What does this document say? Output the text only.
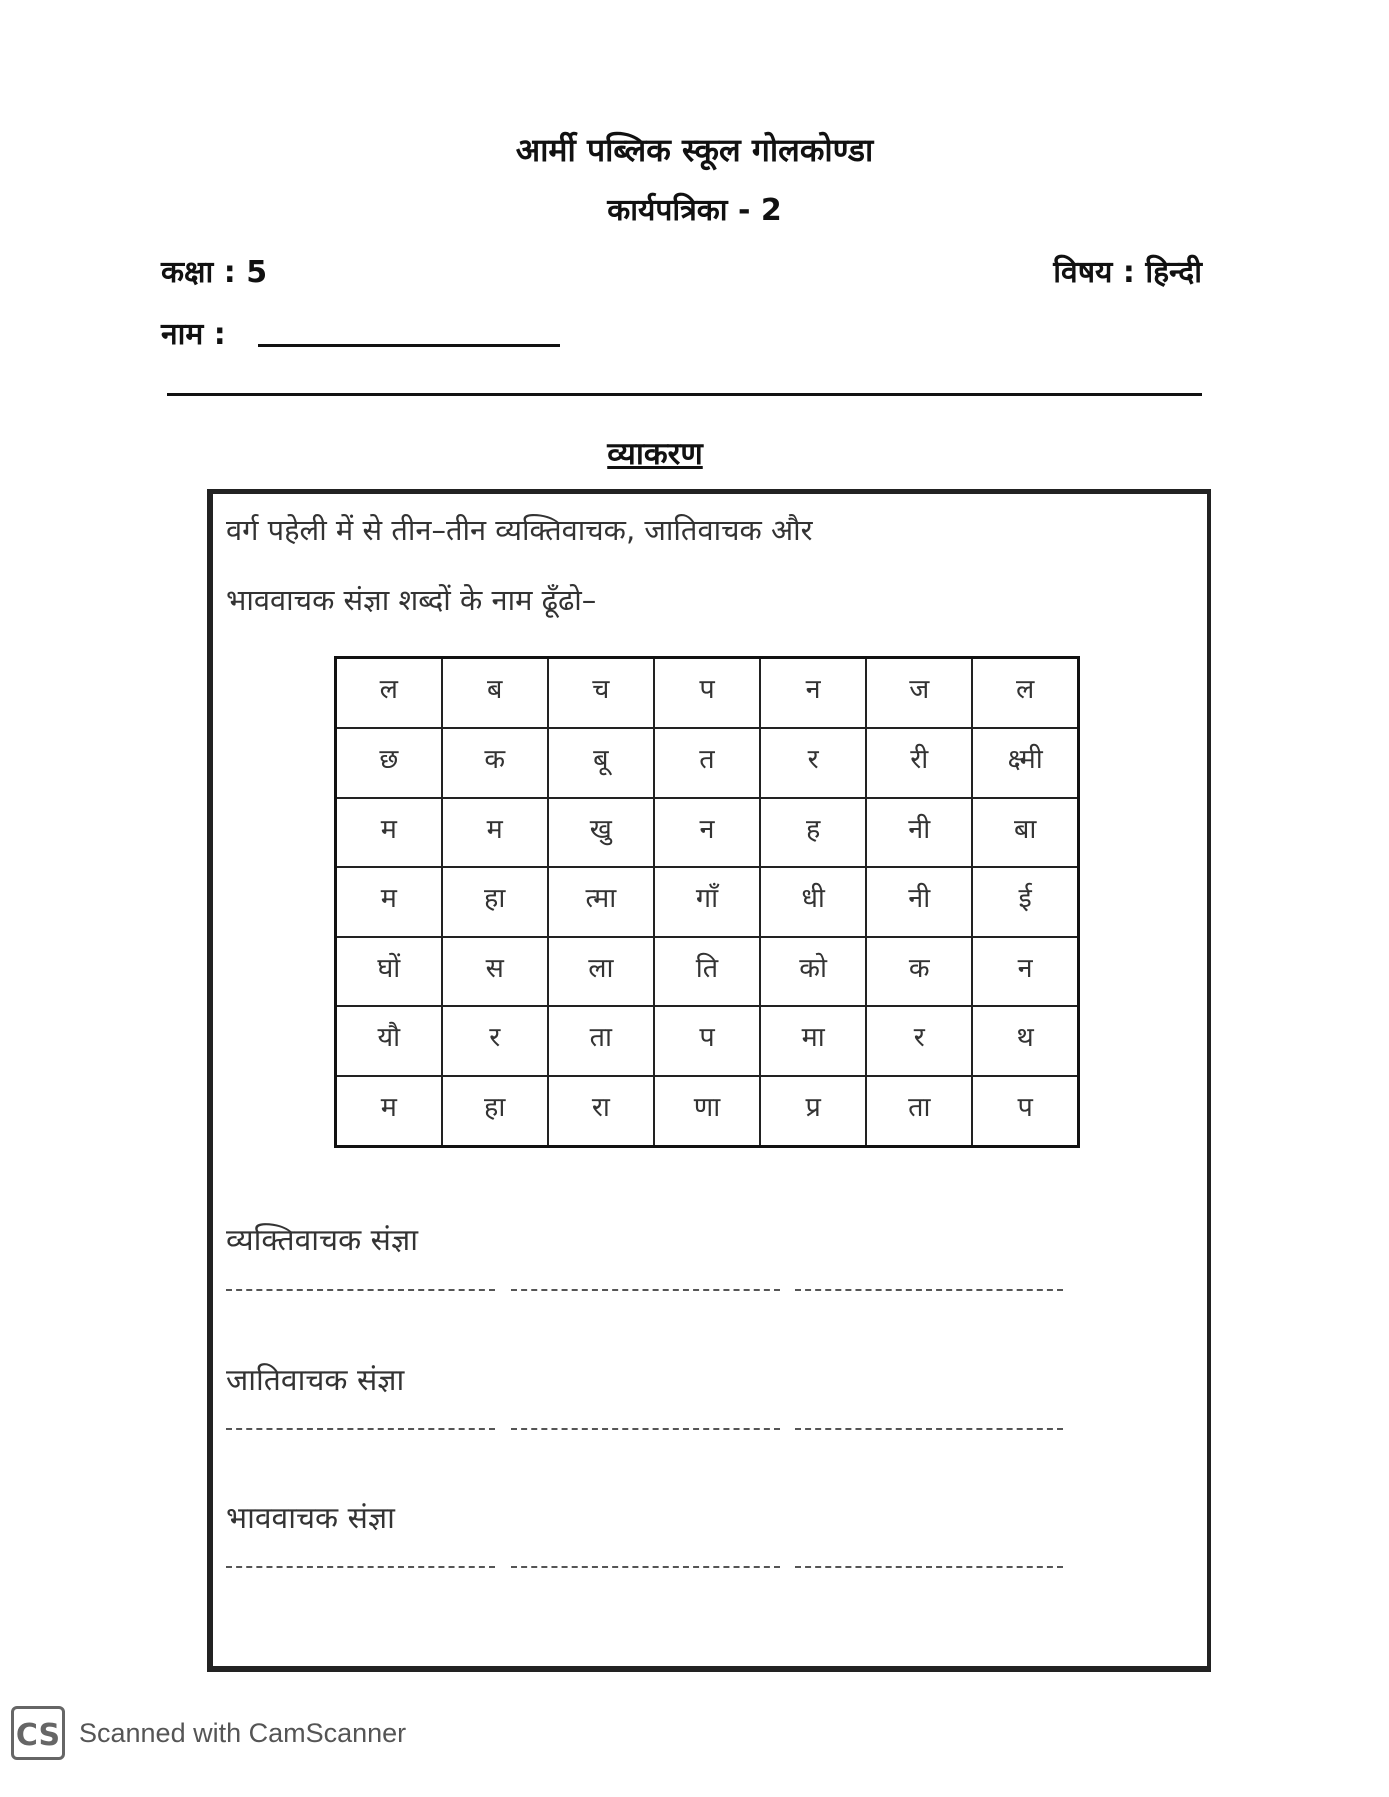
आर्मी पब्लिक स्कूल गोलकोण्डा
कार्यपत्रिका - 2
कक्षा : 5	विषय : हिन्दी
नाम :
व्याकरण
वर्ग पहेली में से तीन–तीन व्यक्तिवाचक, जातिवाचक और
भाववाचक संज्ञा शब्दों के नाम ढूँढो–
ल	ब	च	प	न	ज	ल
छ	क	बू	त	र	री	क्ष्मी
म	म	खु	न	ह	नी	बा
म	हा	त्मा	गाँ	धी	नी	ई
घों	स	ला	ति	को	क	न
यौ	र	ता	प	मा	र	थ
म	हा	रा	णा	प्र	ता	प
व्यक्तिवाचक संज्ञा
जातिवाचक संज्ञा
भाववाचक संज्ञा
CS Scanned with CamScanner
